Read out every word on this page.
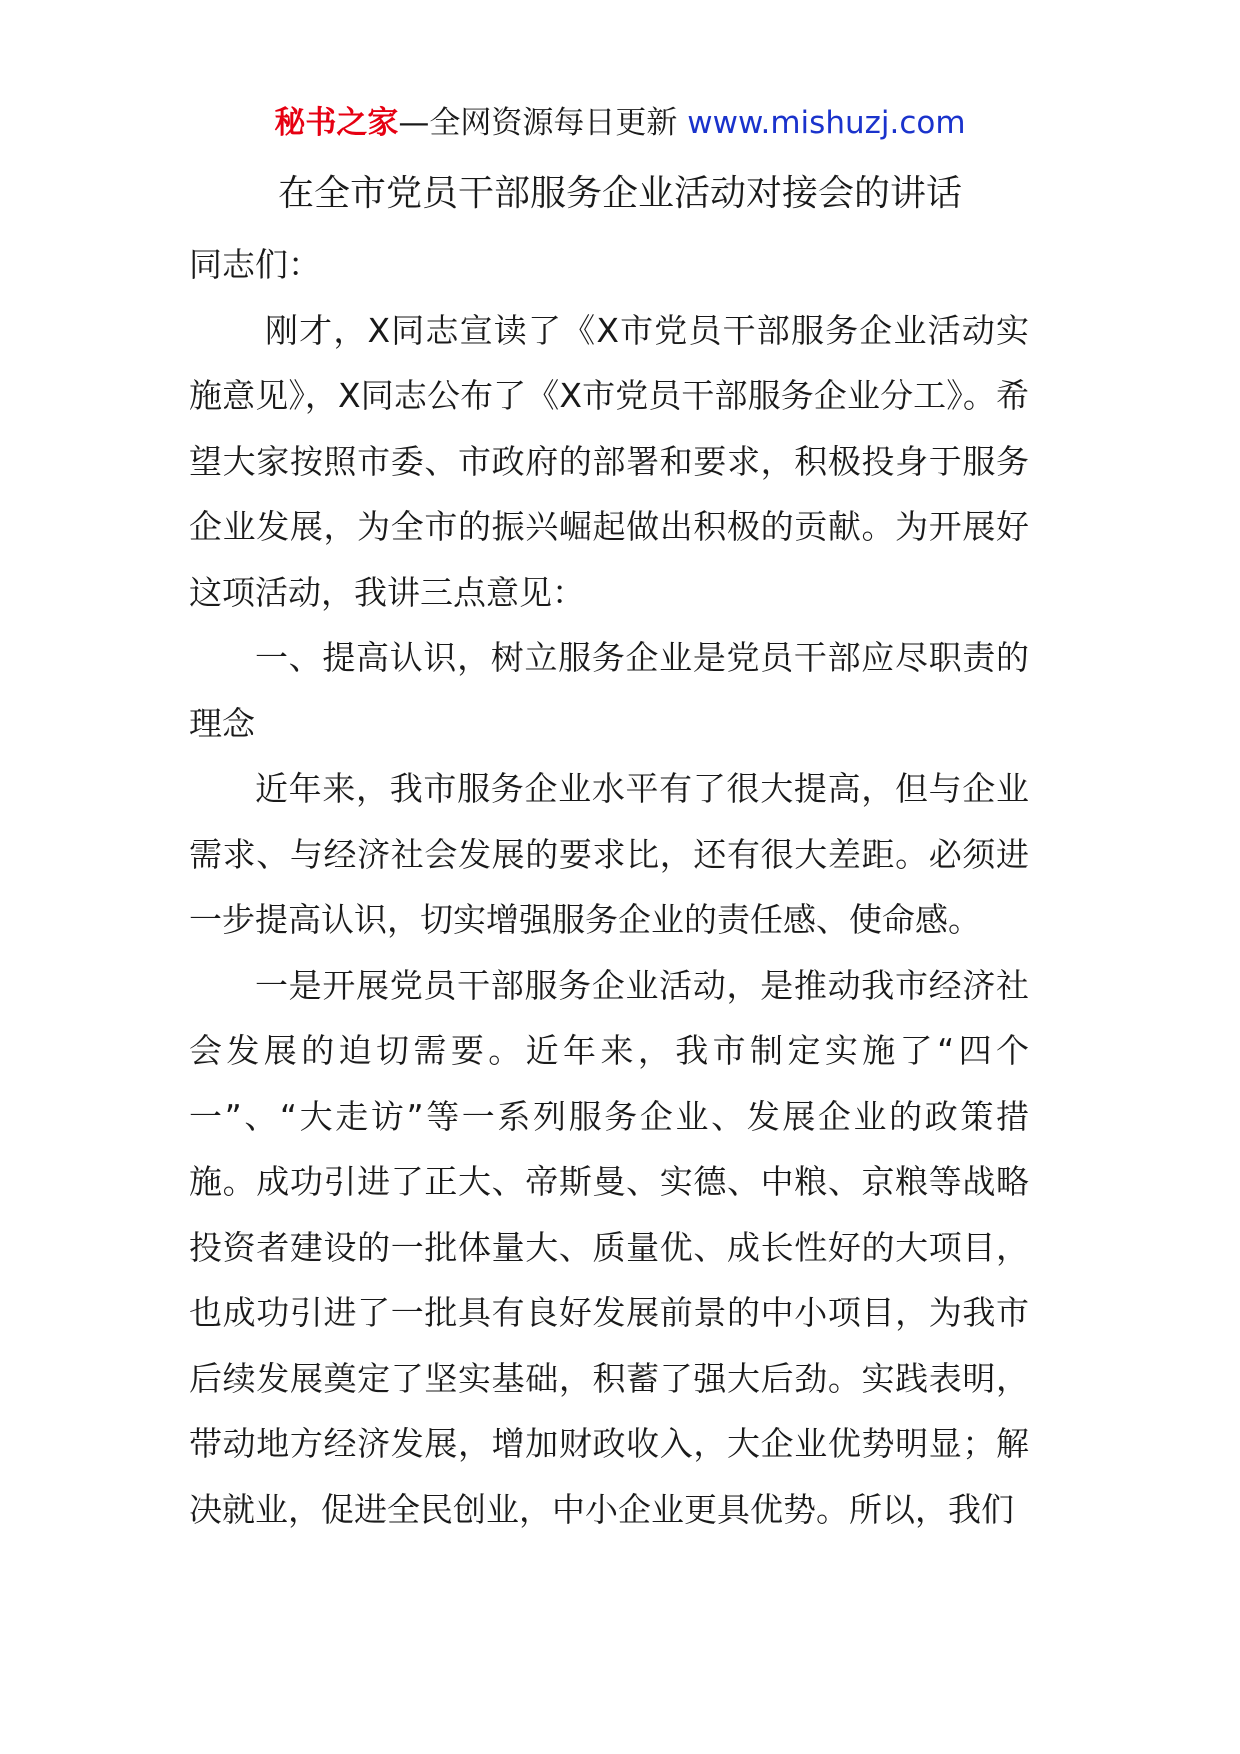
秘书之家—全网资源每日更新 www.mishuzj.com
在全市党员干部服务企业活动对接会的讲话

同志们：

刚才，X同志宣读了《X市党员干部服务企业活动实施意见》，X同志公布了《X市党员干部服务企业分工》。希望大家按照市委、市政府的部署和要求，积极投身于服务企业发展，为全市的振兴崛起做出积极的贡献。为开展好这项活动，我讲三点意见：

一、提高认识，树立服务企业是党员干部应尽职责的理念

近年来，我市服务企业水平有了很大提高，但与企业需求、与经济社会发展的要求比，还有很大差距。必须进一步提高认识，切实增强服务企业的责任感、使命感。

一是开展党员干部服务企业活动，是推动我市经济社会发展的迫切需要。近年来，我市制定实施了“四个一”、“大走访”等一系列服务企业、发展企业的政策措施。成功引进了正大、帝斯曼、实德、中粮、京粮等战略投资者建设的一批体量大、质量优、成长性好的大项目，也成功引进了一批具有良好发展前景的中小项目，为我市后续发展奠定了坚实基础，积蓄了强大后劲。实践表明，带动地方经济发展，增加财政收入，大企业优势明显；解决就业，促进全民创业，中小企业更具优势。所以，我们
